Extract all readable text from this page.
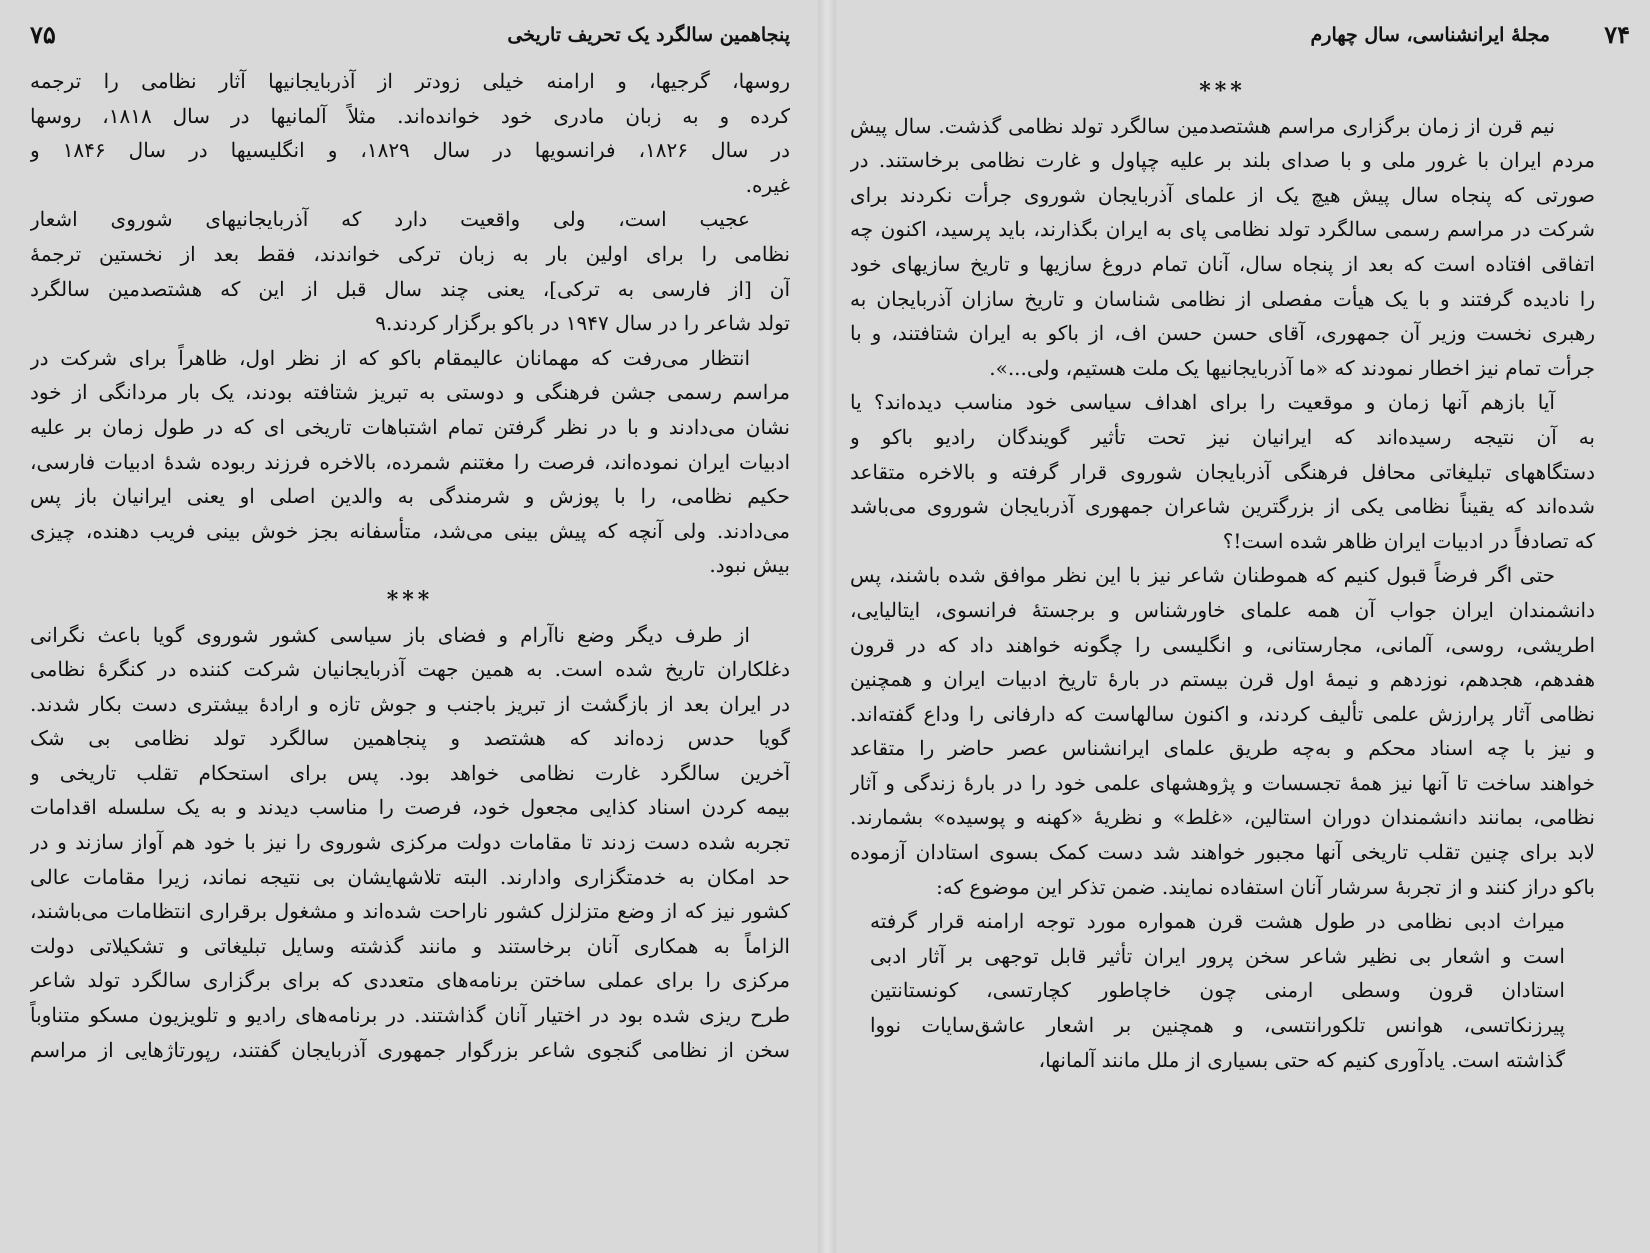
۷۵	پنجاهمین سالگرد یک تحریف تاریخی
روسها، گرجیها، و ارامنه خیلی زودتر از آذربایجانیها آثار نظامی را ترجمه
کرده و به زبان مادری خود خوانده‌اند. مثلاً آلمانیها در سال ۱۸۱۸، روسها
در سال ۱۸۲۶، فرانسویها در سال ۱۸۲۹، و انگلیسیها در سال ۱۸۴۶ و
غیره.
عجیب است، ولی واقعیت دارد که آذربایجانیهای شوروی اشعار
نظامی را برای اولین بار به زبان ترکی خواندند، فقط بعد از نخستین ترجمهٔ
آن [از فارسی به ترکی]، یعنی چند سال قبل از این که هشتصدمین سالگرد
تولد شاعر را در سال ۱۹۴۷ در باکو برگزار کردند.۹
انتظار می‌رفت که مهمانان عالیمقام باکو که از نظر اول، ظاهراً برای شرکت در
مراسم رسمی جشن فرهنگی و دوستی به تبریز شتافته بودند، یک بار مردانگی از خود
نشان می‌دادند و با در نظر گرفتن تمام اشتباهات تاریخی ای که در طول زمان بر علیه
ادبیات ایران نموده‌اند، فرصت را مغتنم شمرده، بالاخره فرزند ربوده شدهٔ ادبیات فارسی،
حکیم نظامی، را با پوزش و شرمندگی به والدین اصلی او یعنی ایرانیان باز پس
می‌دادند. ولی آنچه که پیش بینی می‌شد، متأسفانه بجز خوش بینی فریب دهنده، چیزی
بیش نبود.
***
از طرف دیگر وضع ناآرام و فضای باز سیاسی کشور شوروی گویا باعث نگرانی
دغلکاران تاریخ شده است. به همین جهت آذربایجانیان شرکت کننده در کنگرهٔ نظامی
در ایران بعد از بازگشت از تبریز باجنب و جوش تازه و ارادهٔ بیشتری دست بکار شدند.
گویا حدس زده‌اند که هشتصد و پنجاهمین سالگرد تولد نظامی بی شک
آخرین سالگرد غارت نظامی خواهد بود. پس برای استحکام تقلب تاریخی و
بیمه کردن اسناد کذایی مجعول خود، فرصت را مناسب دیدند و به یک سلسله اقدامات
تجربه شده دست زدند تا مقامات دولت مرکزی شوروی را نیز با خود هم آواز سازند و در
حد امکان به خدمتگزاری وادارند. البته تلاشهایشان بی نتیجه نماند، زیرا مقامات عالی
کشور نیز که از وضع متزلزل کشور ناراحت شده‌اند و مشغول برقراری انتظامات می‌باشند،
الزاماً به همکاری آنان برخاستند و مانند گذشته وسایل تبلیغاتی و تشکیلاتی دولت
مرکزی را برای عملی ساختن برنامه‌های متعددی که برای برگزاری سالگرد تولد شاعر
طرح ریزی شده بود در اختیار آنان گذاشتند. در برنامه‌های رادیو و تلویزیون مسکو متناوباً
سخن از نظامی گنجوی شاعر بزرگوار جمهوری آذربایجان گفتند، رپورتاژهایی از مراسم
۷۴
مجلهٔ ایرانشناسی، سال چهارم
***
نیم قرن از زمان برگزاری مراسم هشتصدمین سالگرد تولد نظامی گذشت. سال پیش
مردم ایران با غرور ملی و با صدای بلند بر علیه چپاول و غارت نظامی برخاستند. در
صورتی که پنجاه سال پیش هیچ یک از علمای آذربایجان شوروی جرأت نکردند برای
شرکت در مراسم رسمی سالگرد تولد نظامی پای به ایران بگذارند، باید پرسید، اکنون چه
اتفاقی افتاده است که بعد از پنجاه سال، آنان تمام دروغ سازیها و تاریخ سازیهای خود
را نادیده گرفتند و با یک هیأت مفصلی از نظامی شناسان و تاریخ سازان آذربایجان به
رهبری نخست وزیر آن جمهوری، آقای حسن حسن اف، از باکو به ایران شتافتند، و با
جرأت تمام نیز اخطار نمودند که «ما آذربایجانیها یک ملت هستیم، ولی...».
آیا بازهم آنها زمان و موقعیت را برای اهداف سیاسی خود مناسب دیده‌اند؟ یا
به آن نتیجه رسیده‌اند که ایرانیان نیز تحت تأثیر گویندگان رادیو باکو و
دستگاههای تبلیغاتی محافل فرهنگی آذربایجان شوروی قرار گرفته و بالاخره متقاعد
شده‌اند که یقیناً نظامی یکی از بزرگترین شاعران جمهوری آذربایجان شوروی می‌باشد
که تصادفاً در ادبیات ایران ظاهر شده است!؟
حتی اگر فرضاً قبول کنیم که هموطنان شاعر نیز با این نظر موافق شده باشند، پس
دانشمندان ایران جواب آن همه علمای خاورشناس و برجستهٔ فرانسوی، ایتالیایی،
اطریشی، روسی، آلمانی، مجارستانی، و انگلیسی را چگونه خواهند داد که در قرون
هفدهم، هجدهم، نوزدهم و نیمهٔ اول قرن بیستم در بارهٔ تاریخ ادبیات ایران و همچنین
نظامی آثار پرارزش علمی تألیف کردند، و اکنون سالهاست که دارفانی را وداع گفته‌اند.
و نیز با چه اسناد محکم و به‌چه طریق علمای ایرانشناس عصر حاضر را متقاعد
خواهند ساخت تا آنها نیز همهٔ تجسسات و پژوهشهای علمی خود را در بارهٔ زندگی و آثار
نظامی، بمانند دانشمندان دوران استالین، «غلط» و نظریهٔ «کهنه و پوسیده» بشمارند.
لابد برای چنین تقلب تاریخی آنها مجبور خواهند شد دست کمک بسوی استادان آزموده
باکو دراز کنند و از تجربهٔ سرشار آنان استفاده نمایند. ضمن تذکر این موضوع که:
میراث ادبی نظامی در طول هشت قرن همواره مورد توجه ارامنه قرار گرفته
است و اشعار بی نظیر شاعر سخن پرور ایران تأثیر قابل توجهی بر آثار ادبی
استادان قرون وسطی ارمنی چون خاچاطور کچارتسی، کونستانتین
پیرزنکاتسی، هوانس تلکورانتسی، و همچنین بر اشعار عاشق‌سایات نووا
گذاشته است. یادآوری کنیم که حتی بسیاری از ملل مانند آلمانها،
